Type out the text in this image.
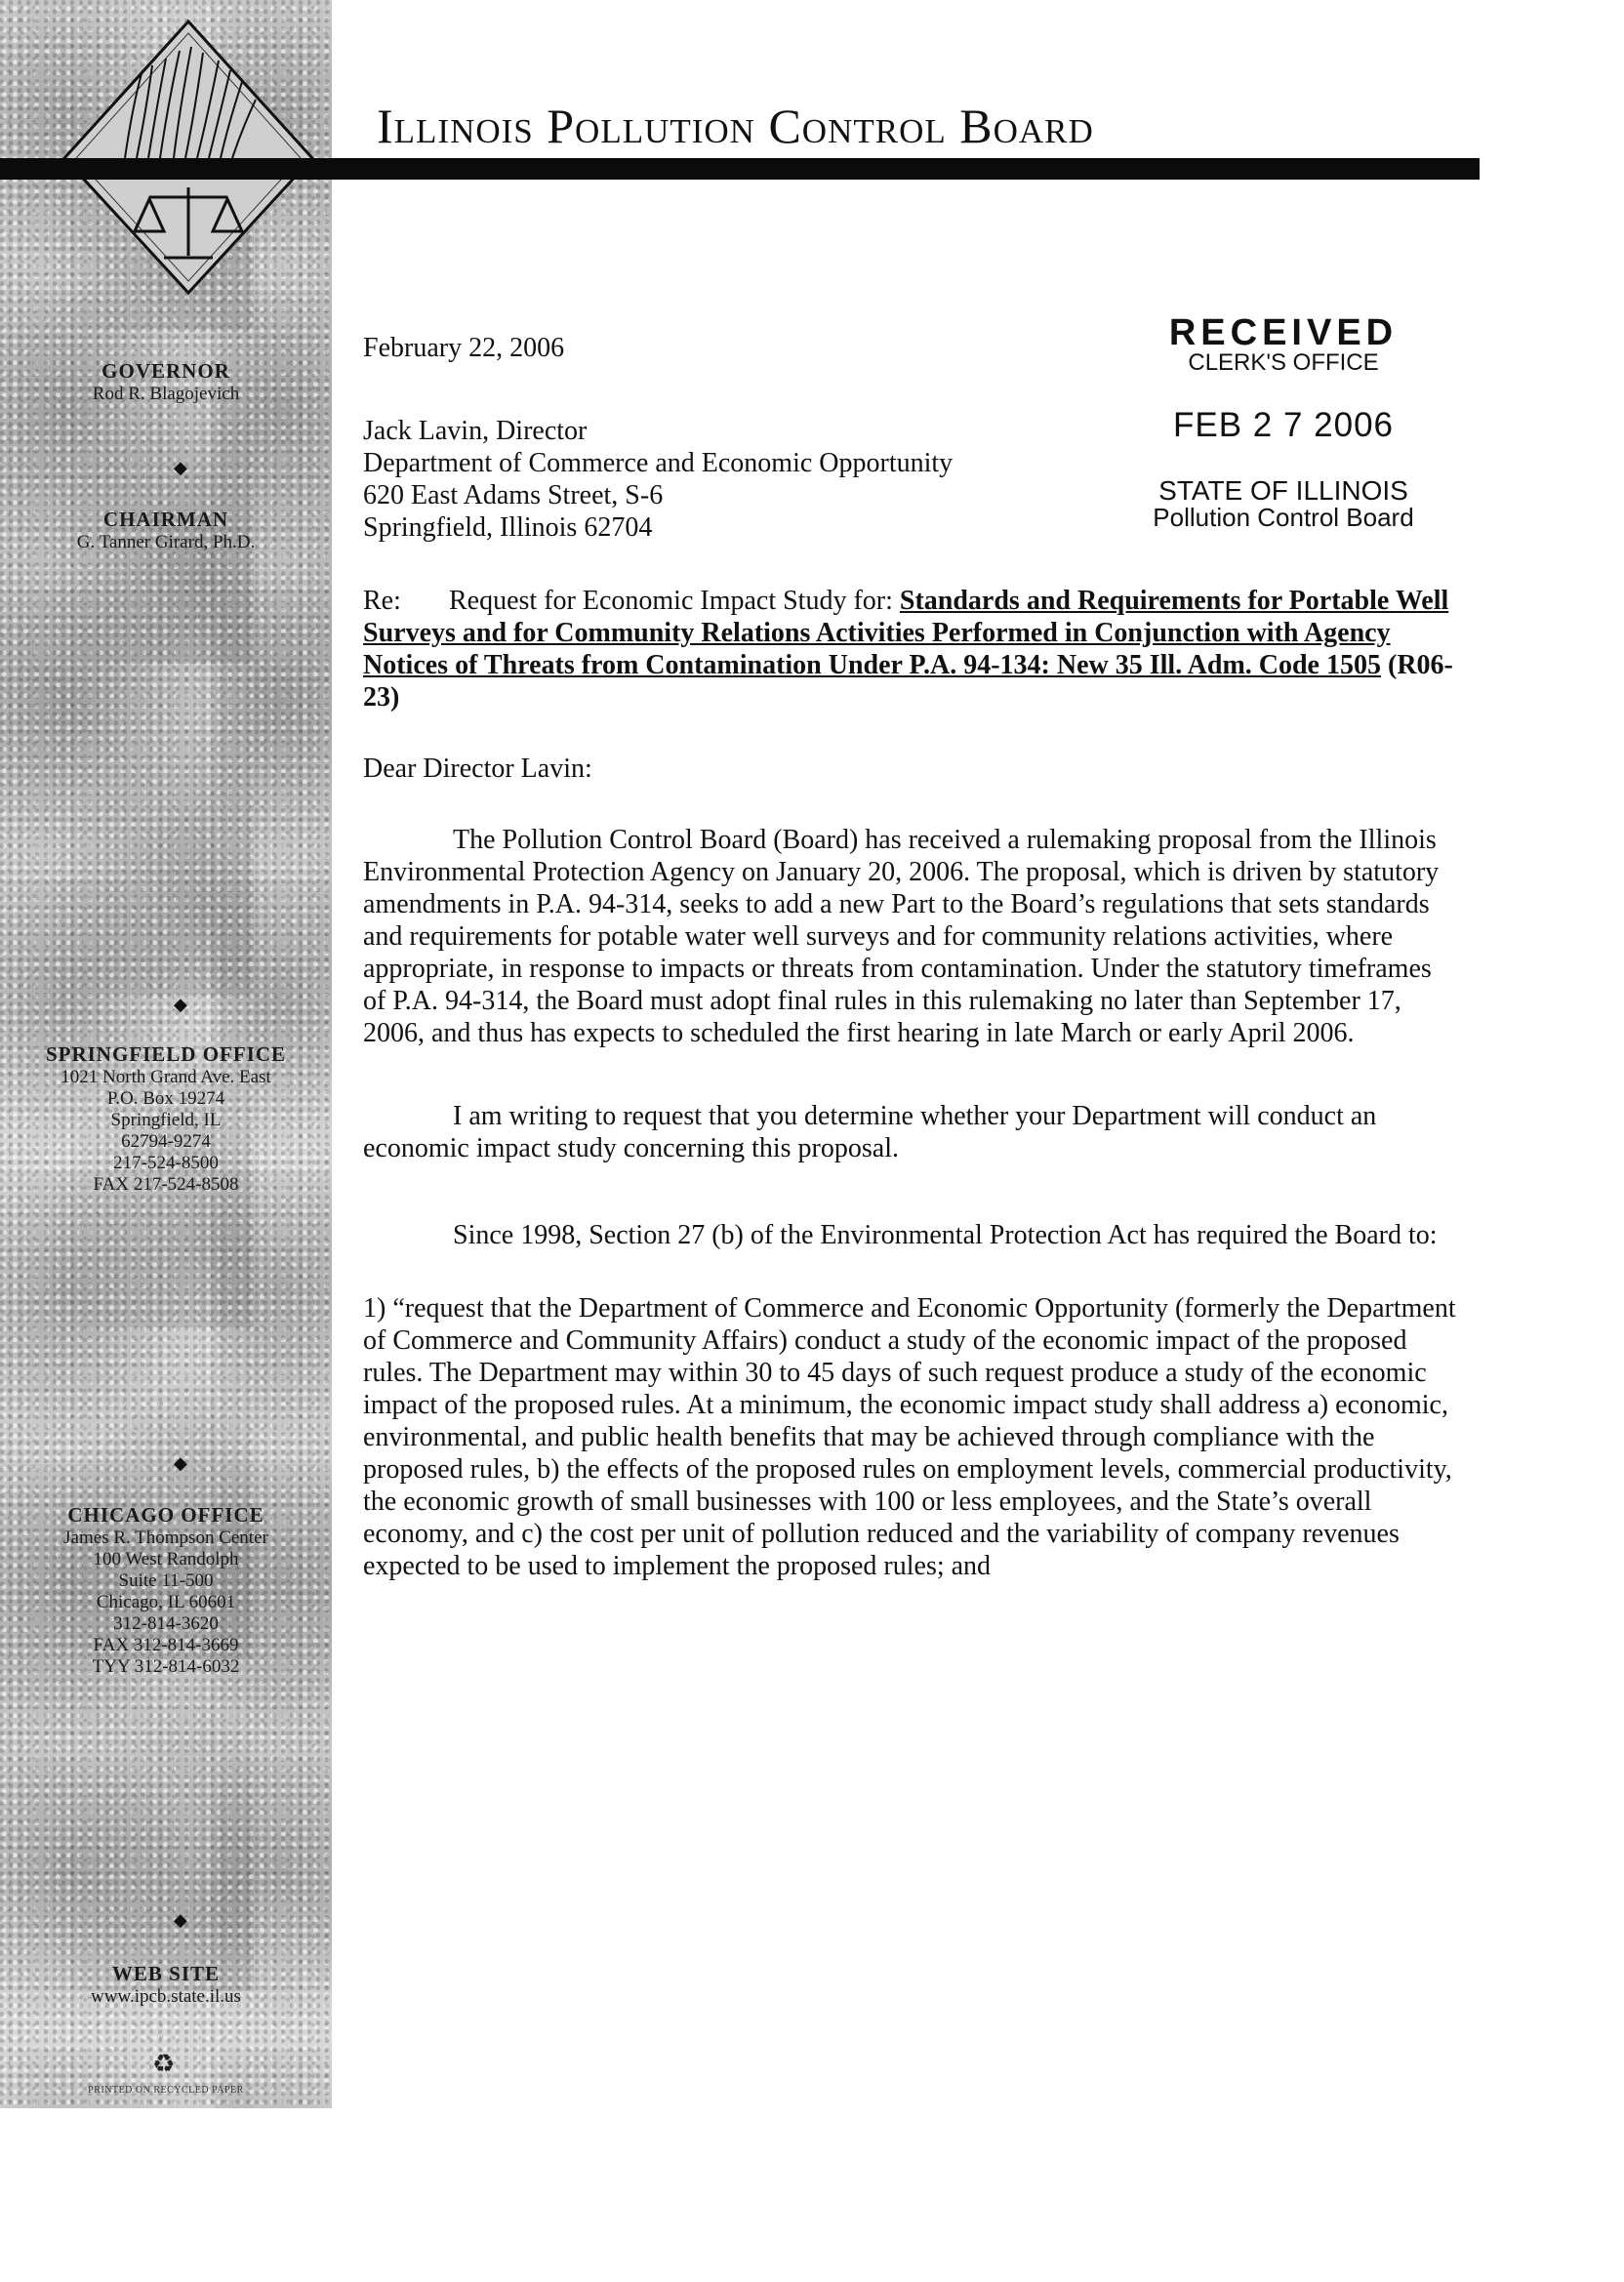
GOVERNOR
Rod R. Blagojevich
◆
CHAIRMAN
G. Tanner Girard, Ph.D.
◆
SPRINGFIELD OFFICE
1021 North Grand Ave. East
P.O. Box 19274
Springfield, IL
62794-9274
217-524-8500
FAX 217-524-8508
◆
CHICAGO OFFICE
James R. Thompson Center
100 West Randolph
Suite 11-500
Chicago, IL 60601
312-814-3620
FAX 312-814-3669
TYY 312-814-6032
◆
WEB SITE
www.ipcb.state.il.us
♻
PRINTED ON RECYCLED PAPER
Illinois Pollution Control Board
RECEIVED
CLERK'S OFFICE
FEB 2 7 2006
STATE OF ILLINOIS
Pollution Control Board

February 22, 2006

Jack Lavin, Director
Department of Commerce and Economic Opportunity
620 East Adams Street, S-6
Springfield, Illinois 62704
Re:	Request for Economic Impact Study for: Standards and Requirements for Portable Well Surveys and for Community Relations Activities Performed in Conjunction with Agency Notices of Threats from Contamination Under P.A. 94-134: New 35 Ill. Adm. Code 1505 (R06-23)

Dear Director Lavin:

The Pollution Control Board (Board) has received a rulemaking proposal from the Illinois Environmental Protection Agency on January 20, 2006. The proposal, which is driven by statutory amendments in P.A. 94-314, seeks to add a new Part to the Board’s regulations that sets standards and requirements for potable water well surveys and for community relations activities, where appropriate, in response to impacts or threats from contamination. Under the statutory timeframes of P.A. 94-314, the Board must adopt final rules in this rulemaking no later than September 17, 2006, and thus has expects to scheduled the first hearing in late March or early April 2006.

I am writing to request that you determine whether your Department will conduct an economic impact study concerning this proposal.

Since 1998, Section 27 (b) of the Environmental Protection Act has required the Board to:

1) “request that the Department of Commerce and Economic Opportunity (formerly the Department of Commerce and Community Affairs) conduct a study of the economic impact of the proposed rules. The Department may within 30 to 45 days of such request produce a study of the economic impact of the proposed rules. At a minimum, the economic impact study shall address a) economic, environmental, and public health benefits that may be achieved through compliance with the proposed rules, b) the effects of the proposed rules on employment levels, commercial productivity, the economic growth of small businesses with 100 or less employees, and the State’s overall economy, and c) the cost per unit of pollution reduced and the variability of company revenues expected to be used to implement the proposed rules; and
